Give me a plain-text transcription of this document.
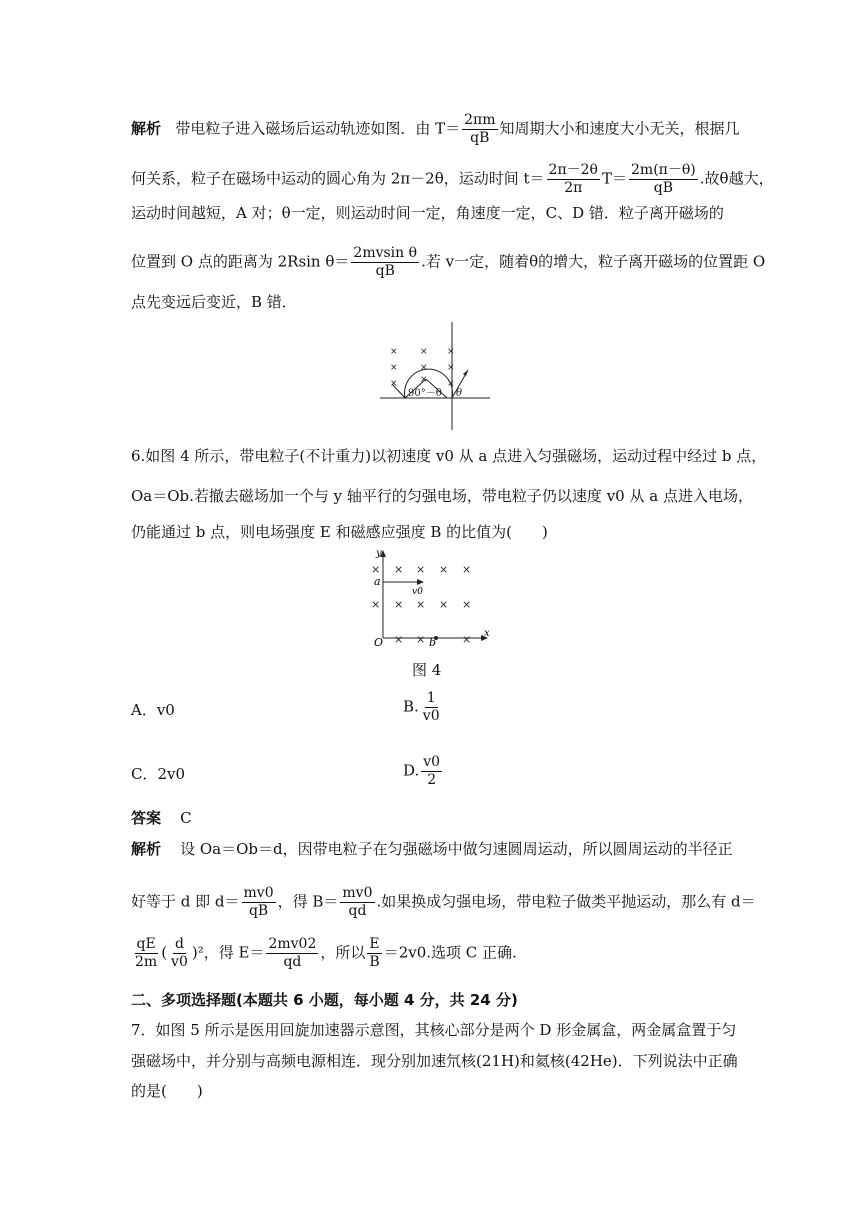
解析 带电粒子进入磁场后运动轨迹如图．由 $T= \frac{2\pi m}{qB}$ 知周期大小和速度大小无关，根据几
何关系，粒子在磁场中运动的圆心角为 2π－2θ，运动时间 $t= \frac{2\pi-2\theta}{2\pi} T= \frac{2m(\pi-\theta)}{qB}$ .故θ越大，
运动时间越短，A 对；θ一定，则运动时间一定，角速度一定，C、D 错．粒子离开磁场的
位置到 O 点的距离为 2Rsin $\theta= \frac{\text{2mvsin θ}}{qB}$ .若 v一定，随着θ的增大，粒子离开磁场的位置距 O
点先变远后变近，B 错．
× × ×
× × ×
× × ×
90°－θ θ
6.如图 4 所示，带电粒子(不计重力)以初速度 v0 从 a 点进入匀强磁场，运动过程中经过 b 点，
Oa＝Ob.若撤去磁场加一个与 y 轴平行的匀强电场，带电粒子仍以速度 v0 从 a 点进入电场，
仍能通过 b 点，则电场强度 E 和磁感应强度 B 的比值为(　　)
× × × × ×
× × × × ×
× ×	×
y
x
O
a
b
v0
图 4
A．v0	B. $\frac{1}{v0}$
C．2v0	D. $\frac{v0}{2}$
答案 C
解析 设 Oa＝Ob＝d，因带电粒子在匀强磁场中做匀速圆周运动，所以圆周运动的半径正
好等于 d 即 $d= \frac{mv0}{qB}$ ，得 $B= \frac{mv0}{qd}$ .如果换成匀强电场，带电粒子做类平抛运动，那么有 d＝
$\frac{qE}{2m}$ ( $\frac{d}{v0} )^2$，得 $E= \frac{2mv02}{qd}$ ，所以 $\frac{E}{B} =2v0$.选项 C 正确.
二、多项选择题(本题共 6 小题，每小题 4 分，共 24 分)
7．如图 5 所示是医用回旋加速器示意图，其核心部分是两个 D 形金属盒，两金属盒置于匀
强磁场中，并分别与高频电源相连．现分别加速氘核(21H)和氦核(42He)．下列说法中正确
的是(　　)
